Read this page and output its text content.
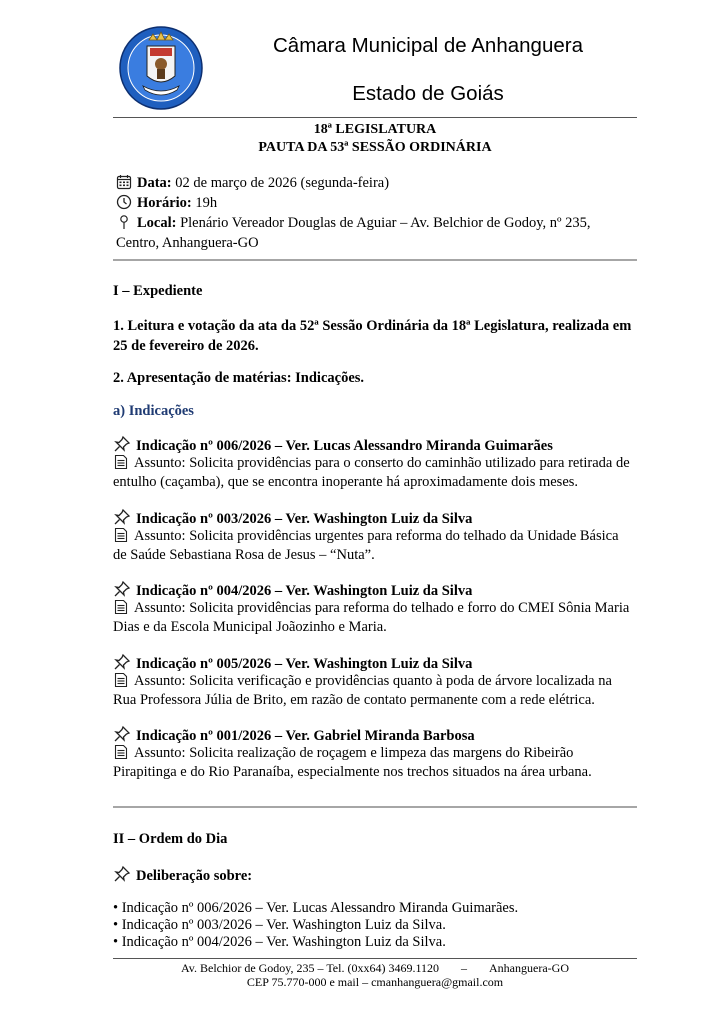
Câmara Municipal de Anhanguera
Estado de Goiás
18ª LEGISLATURA
PAUTA DA 53ª SESSÃO ORDINÁRIA
Data: 02 de março de 2026 (segunda-feira)
Horário: 19h
Local: Plenário Vereador Douglas de Aguiar – Av. Belchior de Godoy, nº 235,
Centro, Anhanguera-GO
I – Expediente
1. Leitura e votação da ata da 52ª Sessão Ordinária da 18ª Legislatura, realizada em
25 de fevereiro de 2026.
2. Apresentação de matérias: Indicações.
a) Indicações
Indicação nº 006/2026 – Ver. Lucas Alessandro Miranda Guimarães
Assunto: Solicita providências para o conserto do caminhão utilizado para retirada de
entulho (caçamba), que se encontra inoperante há aproximadamente dois meses.
Indicação nº 003/2026 – Ver. Washington Luiz da Silva
Assunto: Solicita providências urgentes para reforma do telhado da Unidade Básica
de Saúde Sebastiana Rosa de Jesus – “Nuta”.
Indicação nº 004/2026 – Ver. Washington Luiz da Silva
Assunto: Solicita providências para reforma do telhado e forro do CMEI Sônia Maria
Dias e da Escola Municipal Joãozinho e Maria.
Indicação nº 005/2026 – Ver. Washington Luiz da Silva
Assunto: Solicita verificação e providências quanto à poda de árvore localizada na
Rua Professora Júlia de Brito, em razão de contato permanente com a rede elétrica.
Indicação nº 001/2026 – Ver. Gabriel Miranda Barbosa
Assunto: Solicita realização de roçagem e limpeza das margens do Ribeirão
Pirapitinga e do Rio Paranaíba, especialmente nos trechos situados na área urbana.
II – Ordem do Dia
Deliberação sobre:
• Indicação nº 006/2026 – Ver. Lucas Alessandro Miranda Guimarães.
• Indicação nº 003/2026 – Ver. Washington Luiz da Silva.
• Indicação nº 004/2026 – Ver. Washington Luiz da Silva.
Av. Belchior de Godoy, 235 – Tel. (0xx64) 3469.1120 – Anhanguera-GO
CEP 75.770-000 e mail – cmanhanguera@gmail.com
